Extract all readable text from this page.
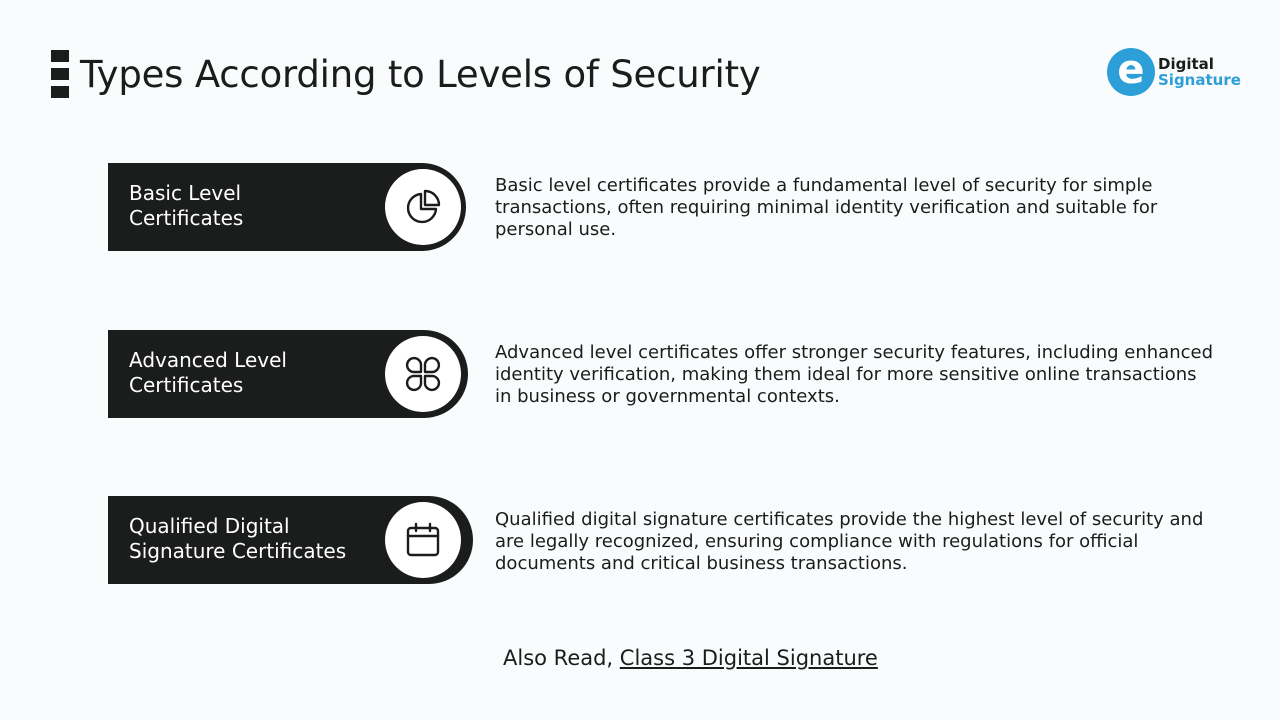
Types According to Levels of Security	e Digital
Signature
Basic Level
Certificates

Basic level certificates provide a fundamental level of security for simple transactions, often requiring minimal identity verification and suitable for personal use.

Advanced Level
Certificates

Advanced level certificates offer stronger security features, including enhanced identity verification, making them ideal for more sensitive online transactions in business or governmental contexts.

Qualified Digital
Signature Certificates

Qualified digital signature certificates provide the highest level of security and are legally recognized, ensuring compliance with regulations for official documents and critical business transactions.

Also Read, Class 3 Digital Signature
